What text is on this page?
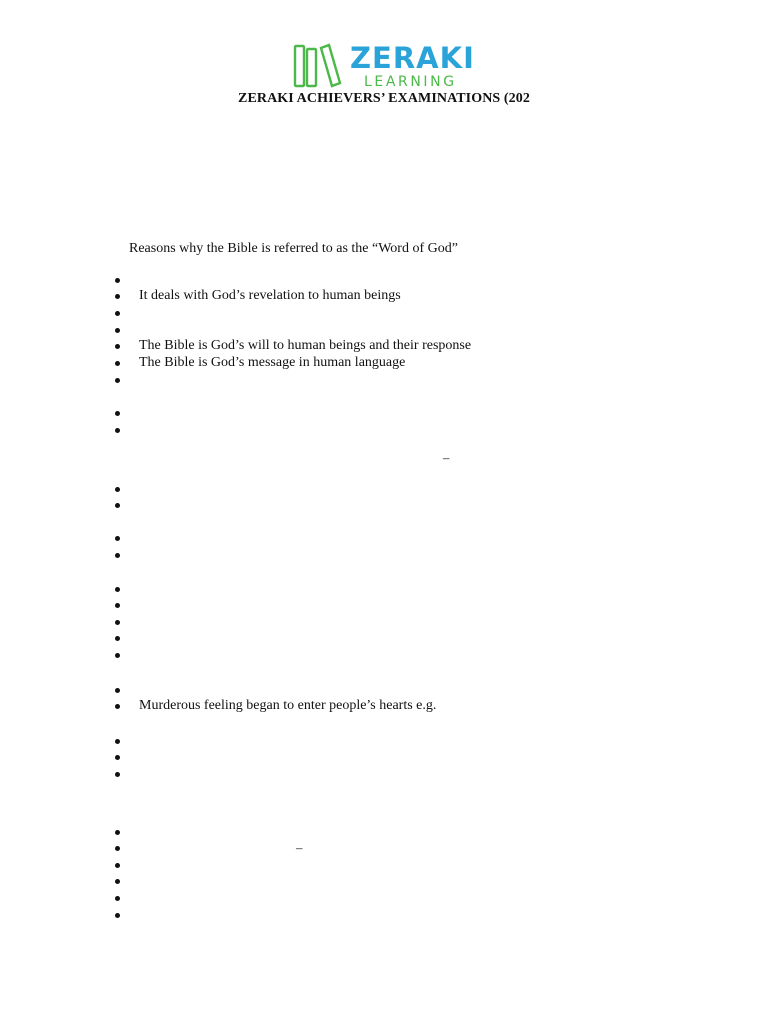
ZERAKI
LEARNING
ZERAKI ACHIEVERS’ EXAMINATIONS (202
Reasons why the Bible is referred to as the “Word of God”
It deals with God’s revelation to human beings
The Bible is God’s will to human beings and their response
The Bible is God’s message in human language
Murderous feeling began to enter people’s hearts e.g.
–
–
